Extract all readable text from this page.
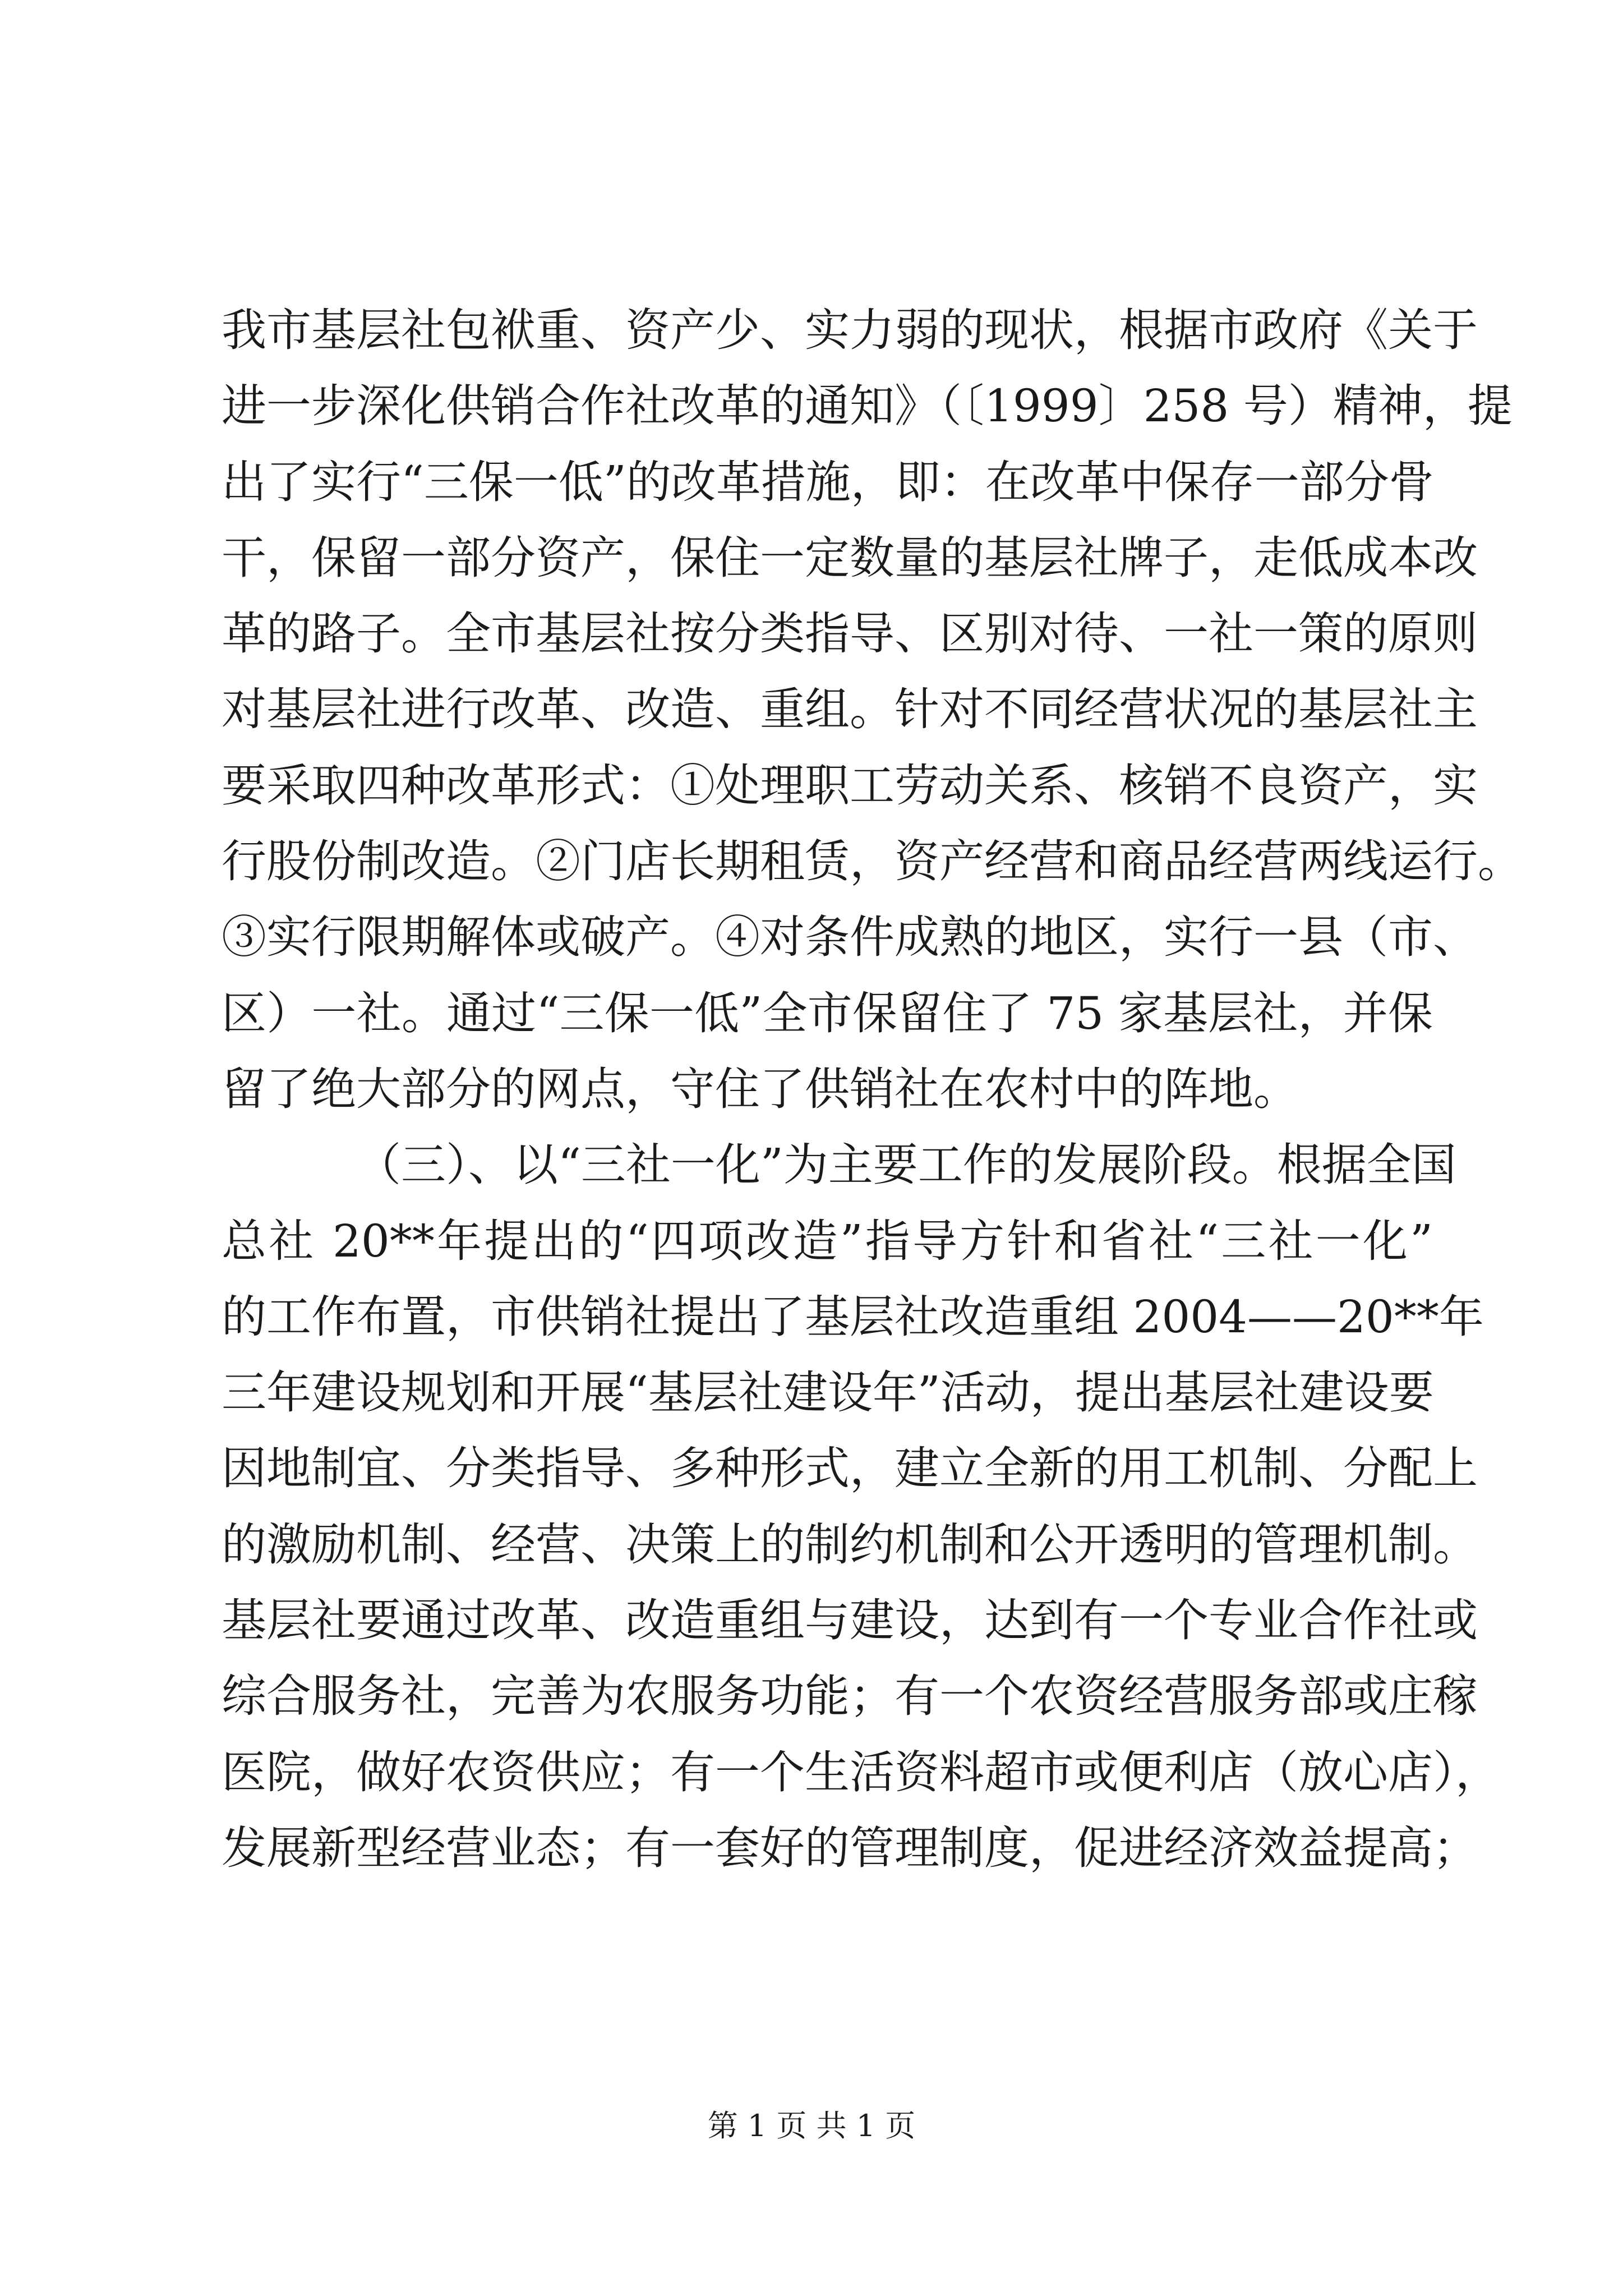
我市基层社包袱重、资产少、实力弱的现状，根据市政府《关于
进一步深化供销合作社改革的通知》（〔1999〕258 号）精神，提
出了实行“三保一低”的改革措施，即：在改革中保存一部分骨
干，保留一部分资产，保住一定数量的基层社牌子，走低成本改
革的路子。全市基层社按分类指导、区别对待、一社一策的原则
对基层社进行改革、改造、重组。针对不同经营状况的基层社主
要采取四种改革形式：①处理职工劳动关系、核销不良资产，实
行股份制改造。②门店长期租赁，资产经营和商品经营两线运行。
③实行限期解体或破产。④对条件成熟的地区，实行一县（市、
区）一社。通过“三保一低”全市保留住了 75 家基层社，并保
留了绝大部分的网点，守住了供销社在农村中的阵地。
（三）、以“三社一化”为主要工作的发展阶段。根据全国
总社 20**年提出的“四项改造”指导方针和省社“三社一化”
的工作布置，市供销社提出了基层社改造重组 2004——20**年
三年建设规划和开展“基层社建设年”活动，提出基层社建设要
因地制宜、分类指导、多种形式，建立全新的用工机制、分配上
的激励机制、经营、决策上的制约机制和公开透明的管理机制。
基层社要通过改革、改造重组与建设，达到有一个专业合作社或
综合服务社，完善为农服务功能；有一个农资经营服务部或庄稼
医院，做好农资供应；有一个生活资料超市或便利店（放心店），
发展新型经营业态；有一套好的管理制度，促进经济效益提高；
第 1 页 共 1 页
